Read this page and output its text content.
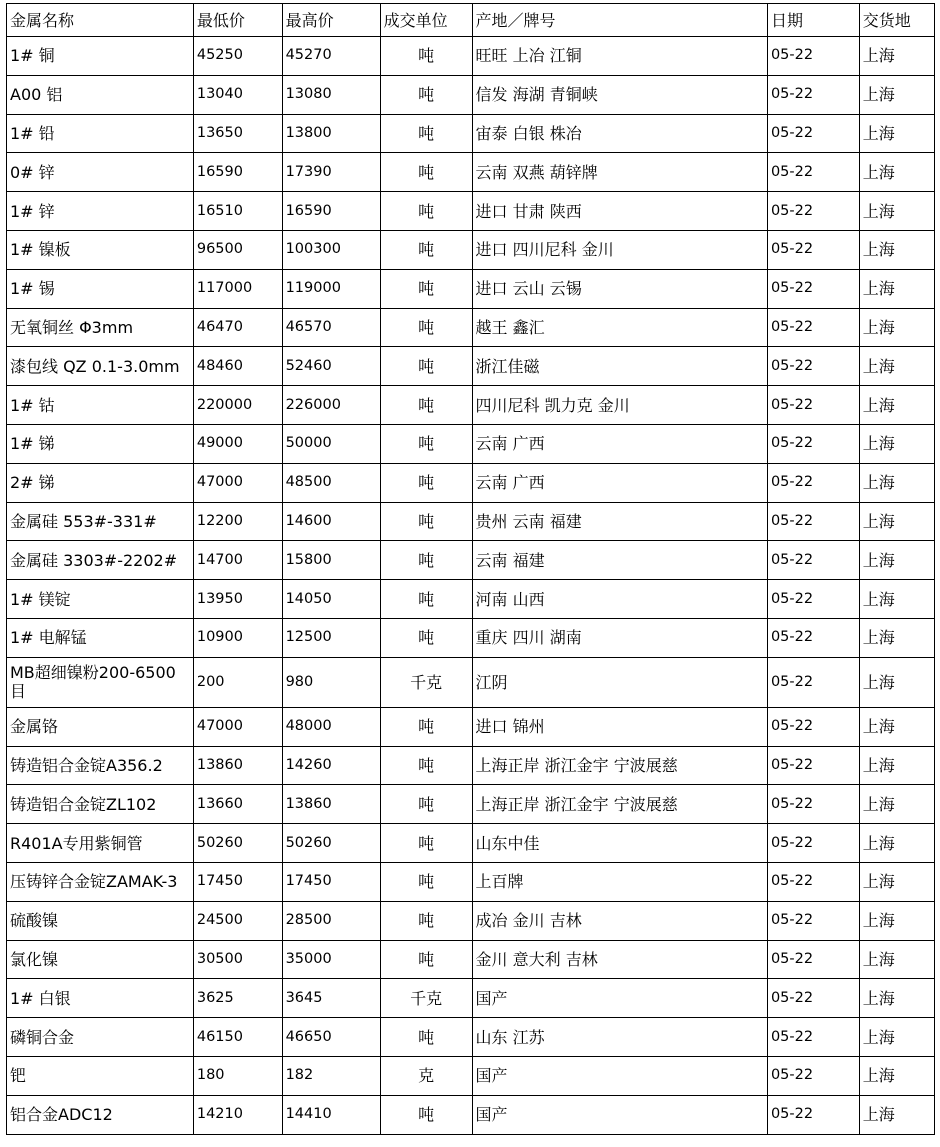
金属名称	最低价	最高价	成交单位	产地／牌号	日期	交货地
1# 铜	45250	45270	吨	旺旺 上冶 江铜	05-22	上海
A00 铝	13040	13080	吨	信发 海湖 青铜峡	05-22	上海
1# 铅	13650	13800	吨	宙泰 白银 株冶	05-22	上海
0# 锌	16590	17390	吨	云南 双燕 葫锌牌	05-22	上海
1# 锌	16510	16590	吨	进口 甘肃 陕西	05-22	上海
1# 镍板	96500	100300	吨	进口 四川尼科 金川	05-22	上海
1# 锡	117000	119000	吨	进口 云山 云锡	05-22	上海
无氧铜丝 Φ3mm	46470	46570	吨	越王 鑫汇	05-22	上海
漆包线 QZ 0.1-3.0mm	48460	52460	吨	浙江佳磁	05-22	上海
1# 钴	220000	226000	吨	四川尼科 凯力克 金川	05-22	上海
1# 锑	49000	50000	吨	云南 广西	05-22	上海
2# 锑	47000	48500	吨	云南 广西	05-22	上海
金属硅 553#-331#	12200	14600	吨	贵州 云南 福建	05-22	上海
金属硅 3303#-2202#	14700	15800	吨	云南 福建	05-22	上海
1# 镁锭	13950	14050	吨	河南 山西	05-22	上海
1# 电解锰	10900	12500	吨	重庆 四川 湖南	05-22	上海
MB超细镍粉200-6500目	200	980	千克	江阴	05-22	上海
金属铬	47000	48000	吨	进口 锦州	05-22	上海
铸造铝合金锭A356.2	13860	14260	吨	上海正岸 浙江金宇 宁波展慈	05-22	上海
铸造铝合金锭ZL102	13660	13860	吨	上海正岸 浙江金宇 宁波展慈	05-22	上海
R401A专用紫铜管	50260	50260	吨	山东中佳	05-22	上海
压铸锌合金锭ZAMAK-3	17450	17450	吨	上百牌	05-22	上海
硫酸镍	24500	28500	吨	成冶 金川 吉林	05-22	上海
氯化镍	30500	35000	吨	金川 意大利 吉林	05-22	上海
1# 白银	3625	3645	千克	国产	05-22	上海
磷铜合金	46150	46650	吨	山东 江苏	05-22	上海
钯	180	182	克	国产	05-22	上海
铝合金ADC12	14210	14410	吨	国产	05-22	上海
